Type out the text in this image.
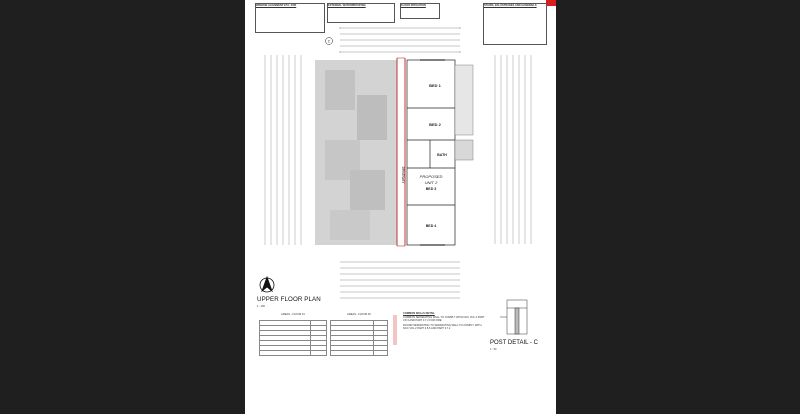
WINDOW ALIGNMENT ETC. FOR	EXTERNAL WATERPROOFING	FLOOD MITIGATION	STAIRS, BALUSTRADES AND HANDRAILS
C
DRIVEWAY
BED 1
BED 2
BATH
PROPOSED
UNIT 2
BED 3
BED 4
UPPER FLOOR PLAN
1 : 100
AREAS - FLOOR 01

		AREAS - FLOOR 02

		COMMON WALLS DETAIL
COMMON SEPARATING WALL TO COMPLY WITH NCC VOL 2 PART 3.8.3 AND PART 3.7.2 FOR FIRE
ROUND SEPARATING TO SEPARATING WALL TO COMPLY WITH NCC VOL 2 PART 3.8.6 AND PART 3.7.2
POST DETAIL - C
1 : 50
